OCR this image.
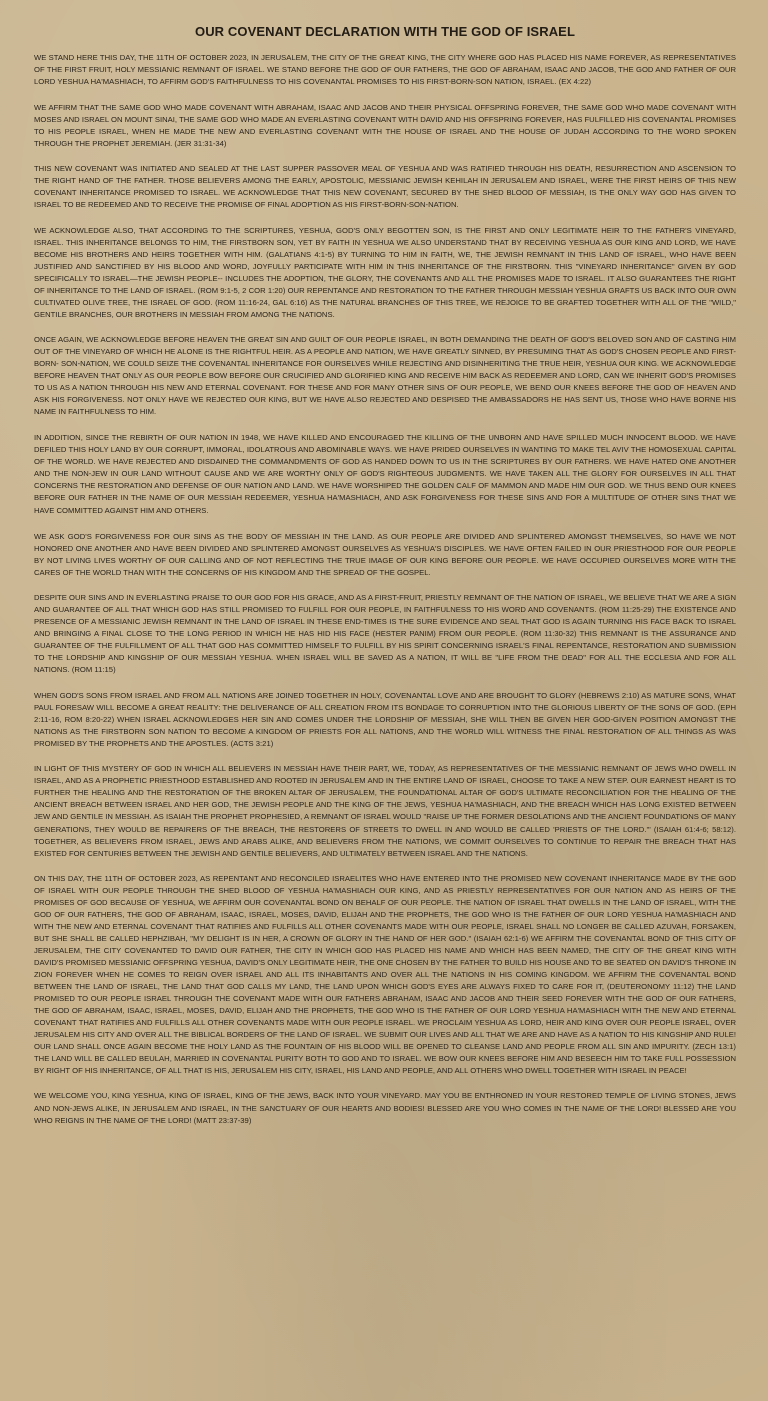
OUR COVENANT DECLARATION WITH THE GOD OF ISRAEL

WE STAND HERE THIS DAY, THE 11TH OF OCTOBER 2023, IN JERUSALEM, THE CITY OF THE GREAT KING, THE CITY WHERE GOD HAS PLACED HIS NAME FOREVER, AS REPRESENTATIVES OF THE FIRST FRUIT, HOLY MESSIANIC REMNANT OF ISRAEL. WE STAND BEFORE THE GOD OF OUR FATHERS, THE GOD OF ABRAHAM, ISAAC AND JACOB, THE GOD AND FATHER OF OUR LORD YESHUA HA'MASHIACH, TO AFFIRM GOD'S FAITHFULNESS TO HIS COVENANTAL PROMISES TO HIS FIRST-BORN-SON NATION, ISRAEL. (EX 4:22)

WE AFFIRM THAT THE SAME GOD WHO MADE COVENANT WITH ABRAHAM, ISAAC AND JACOB AND THEIR PHYSICAL OFFSPRING FOREVER, THE SAME GOD WHO MADE COVENANT WITH MOSES AND ISRAEL ON MOUNT SINAI, THE SAME GOD WHO MADE AN EVERLASTING COVENANT WITH DAVID AND HIS OFFSPRING FOREVER, HAS FULFILLED HIS COVENANTAL PROMISES TO HIS PEOPLE ISRAEL, WHEN HE MADE THE NEW AND EVERLASTING COVENANT WITH THE HOUSE OF ISRAEL AND THE HOUSE OF JUDAH ACCORDING TO THE WORD SPOKEN THROUGH THE PROPHET JEREMIAH. (JER 31:31-34)

THIS NEW COVENANT WAS INITIATED AND SEALED AT THE LAST SUPPER PASSOVER MEAL OF YESHUA AND WAS RATIFIED THROUGH HIS DEATH, RESURRECTION AND ASCENSION TO THE RIGHT HAND OF THE FATHER. THOSE BELIEVERS AMONG THE EARLY, APOSTOLIC, MESSIANIC JEWISH KEHILAH IN JERUSALEM AND ISRAEL, WERE THE FIRST HEIRS OF THIS NEW COVENANT INHERITANCE PROMISED TO ISRAEL. WE ACKNOWLEDGE THAT THIS NEW COVENANT, SECURED BY THE SHED BLOOD OF MESSIAH, IS THE ONLY WAY GOD HAS GIVEN TO ISRAEL TO BE REDEEMED AND TO RECEIVE THE PROMISE OF FINAL ADOPTION AS HIS FIRST-BORN-SON-NATION.

WE ACKNOWLEDGE ALSO, THAT ACCORDING TO THE SCRIPTURES, YESHUA, GOD'S ONLY BEGOTTEN SON, IS THE FIRST AND ONLY LEGITIMATE HEIR TO THE FATHER'S VINEYARD, ISRAEL. THIS INHERITANCE BELONGS TO HIM, THE FIRSTBORN SON, YET BY FAITH IN YESHUA WE ALSO UNDERSTAND THAT BY RECEIVING YESHUA AS OUR KING AND LORD, WE HAVE BECOME HIS BROTHERS AND HEIRS TOGETHER WITH HIM. (GALATIANS 4:1-5) BY TURNING TO HIM IN FAITH, WE, THE JEWISH REMNANT IN THIS LAND OF ISRAEL, WHO HAVE BEEN JUSTIFIED AND SANCTIFIED BY HIS BLOOD AND WORD, JOYFULLY PARTICIPATE WITH HIM IN THIS INHERITANCE OF THE FIRSTBORN. THIS "VINEYARD INHERITANCE" GIVEN BY GOD SPECIFICALLY TO ISRAEL—THE JEWISH PEOPLE-- INCLUDES THE ADOPTION, THE GLORY, THE COVENANTS AND ALL THE PROMISES MADE TO ISRAEL. IT ALSO GUARANTEES THE RIGHT OF INHERITANCE TO THE LAND OF ISRAEL. (ROM 9:1-5, 2 COR 1:20) OUR REPENTANCE AND RESTORATION TO THE FATHER THROUGH MESSIAH YESHUA GRAFTS US BACK INTO OUR OWN CULTIVATED OLIVE TREE, THE ISRAEL OF GOD. (ROM 11:16-24, GAL 6:16) AS THE NATURAL BRANCHES OF THIS TREE, WE REJOICE TO BE GRAFTED TOGETHER WITH ALL OF THE "WILD," GENTILE BRANCHES, OUR BROTHERS IN MESSIAH FROM AMONG THE NATIONS.

ONCE AGAIN, WE ACKNOWLEDGE BEFORE HEAVEN THE GREAT SIN AND GUILT OF OUR PEOPLE ISRAEL, IN BOTH DEMANDING THE DEATH OF GOD'S BELOVED SON AND OF CASTING HIM OUT OF THE VINEYARD OF WHICH HE ALONE IS THE RIGHTFUL HEIR. AS A PEOPLE AND NATION, WE HAVE GREATLY SINNED, BY PRESUMING THAT AS GOD'S CHOSEN PEOPLE AND FIRST-BORN- SON-NATION, WE COULD SEIZE THE COVENANTAL INHERITANCE FOR OURSELVES WHILE REJECTING AND DISINHERITING THE TRUE HEIR, YESHUA OUR KING. WE ACKNOWLEDGE BEFORE HEAVEN THAT ONLY AS OUR PEOPLE BOW BEFORE OUR CRUCIFIED AND GLORIFIED KING AND RECEIVE HIM BACK AS REDEEMER AND LORD, CAN WE INHERIT GOD'S PROMISES TO US AS A NATION THROUGH HIS NEW AND ETERNAL COVENANT. FOR THESE AND FOR MANY OTHER SINS OF OUR PEOPLE, WE BEND OUR KNEES BEFORE THE GOD OF HEAVEN AND ASK HIS FORGIVENESS. NOT ONLY HAVE WE REJECTED OUR KING, BUT WE HAVE ALSO REJECTED AND DESPISED THE AMBASSADORS HE HAS SENT US, THOSE WHO HAVE BORNE HIS NAME IN FAITHFULNESS TO HIM.

IN ADDITION, SINCE THE REBIRTH OF OUR NATION IN 1948, WE HAVE KILLED AND ENCOURAGED THE KILLING OF THE UNBORN AND HAVE SPILLED MUCH INNOCENT BLOOD. WE HAVE DEFILED THIS HOLY LAND BY OUR CORRUPT, IMMORAL, IDOLATROUS AND ABOMINABLE WAYS. WE HAVE PRIDED OURSELVES IN WANTING TO MAKE TEL AVIV THE HOMOSEXUAL CAPITAL OF THE WORLD. WE HAVE REJECTED AND DISDAINED THE COMMANDMENTS OF GOD AS HANDED DOWN TO US IN THE SCRIPTURES BY OUR FATHERS. WE HAVE HATED ONE ANOTHER AND THE NON-JEW IN OUR LAND WITHOUT CAUSE AND WE ARE WORTHY ONLY OF GOD'S RIGHTEOUS JUDGMENTS. WE HAVE TAKEN ALL THE GLORY FOR OURSELVES IN ALL THAT CONCERNS THE RESTORATION AND DEFENSE OF OUR NATION AND LAND. WE HAVE WORSHIPED THE GOLDEN CALF OF MAMMON AND MADE HIM OUR GOD. WE THUS BEND OUR KNEES BEFORE OUR FATHER IN THE NAME OF OUR MESSIAH REDEEMER, YESHUA HA'MASHIACH, AND ASK FORGIVENESS FOR THESE SINS AND FOR A MULTITUDE OF OTHER SINS THAT WE HAVE COMMITTED AGAINST HIM AND OTHERS.

WE ASK GOD'S FORGIVENESS FOR OUR SINS AS THE BODY OF MESSIAH IN THE LAND. AS OUR PEOPLE ARE DIVIDED AND SPLINTERED AMONGST THEMSELVES, SO HAVE WE NOT HONORED ONE ANOTHER AND HAVE BEEN DIVIDED AND SPLINTERED AMONGST OURSELVES AS YESHUA'S DISCIPLES. WE HAVE OFTEN FAILED IN OUR PRIESTHOOD FOR OUR PEOPLE BY NOT LIVING LIVES WORTHY OF OUR CALLING AND OF NOT REFLECTING THE TRUE IMAGE OF OUR KING BEFORE OUR PEOPLE. WE HAVE OCCUPIED OURSELVES MORE WITH THE CARES OF THE WORLD THAN WITH THE CONCERNS OF HIS KINGDOM AND THE SPREAD OF THE GOSPEL.

DESPITE OUR SINS AND IN EVERLASTING PRAISE TO OUR GOD FOR HIS GRACE, AND AS A FIRST-FRUIT, PRIESTLY REMNANT OF THE NATION OF ISRAEL, WE BELIEVE THAT WE ARE A SIGN AND GUARANTEE OF ALL THAT WHICH GOD HAS STILL PROMISED TO FULFILL FOR OUR PEOPLE, IN FAITHFULNESS TO HIS WORD AND COVENANTS. (ROM 11:25-29) THE EXISTENCE AND PRESENCE OF A MESSIANIC JEWISH REMNANT IN THE LAND OF ISRAEL IN THESE END-TIMES IS THE SURE EVIDENCE AND SEAL THAT GOD IS AGAIN TURNING HIS FACE BACK TO ISRAEL AND BRINGING A FINAL CLOSE TO THE LONG PERIOD IN WHICH HE HAS HID HIS FACE (HESTER PANIM) FROM OUR PEOPLE. (ROM 11:30-32) THIS REMNANT IS THE ASSURANCE AND GUARANTEE OF THE FULFILLMENT OF ALL THAT GOD HAS COMMITTED HIMSELF TO FULFILL BY HIS SPIRIT CONCERNING ISRAEL'S FINAL REPENTANCE, RESTORATION AND SUBMISSION TO THE LORDSHIP AND KINGSHIP OF OUR MESSIAH YESHUA. WHEN ISRAEL WILL BE SAVED AS A NATION, IT WILL BE "LIFE FROM THE DEAD" FOR ALL THE ECCLESIA AND FOR ALL NATIONS. (ROM 11:15)

WHEN GOD'S SONS FROM ISRAEL AND FROM ALL NATIONS ARE JOINED TOGETHER IN HOLY, COVENANTAL LOVE AND ARE BROUGHT TO GLORY (HEBREWS 2:10) AS MATURE SONS, WHAT PAUL FORESAW WILL BECOME A GREAT REALITY: THE DELIVERANCE OF ALL CREATION FROM ITS BONDAGE TO CORRUPTION INTO THE GLORIOUS LIBERTY OF THE SONS OF GOD. (EPH 2:11-16, ROM 8:20-22) WHEN ISRAEL ACKNOWLEDGES HER SIN AND COMES UNDER THE LORDSHIP OF MESSIAH, SHE WILL THEN BE GIVEN HER GOD-GIVEN POSITION AMONGST THE NATIONS AS THE FIRSTBORN SON NATION TO BECOME A KINGDOM OF PRIESTS FOR ALL NATIONS, AND THE WORLD WILL WITNESS THE FINAL RESTORATION OF ALL THINGS AS WAS PROMISED BY THE PROPHETS AND THE APOSTLES. (ACTS 3:21)

IN LIGHT OF THIS MYSTERY OF GOD IN WHICH ALL BELIEVERS IN MESSIAH HAVE THEIR PART, WE, TODAY, AS REPRESENTATIVES OF THE MESSIANIC REMNANT OF JEWS WHO DWELL IN ISRAEL, AND AS A PROPHETIC PRIESTHOOD ESTABLISHED AND ROOTED IN JERUSALEM AND IN THE ENTIRE LAND OF ISRAEL, CHOOSE TO TAKE A NEW STEP. OUR EARNEST HEART IS TO FURTHER THE HEALING AND THE RESTORATION OF THE BROKEN ALTAR OF JERUSALEM, THE FOUNDATIONAL ALTAR OF GOD'S ULTIMATE RECONCILIATION FOR THE HEALING OF THE ANCIENT BREACH BETWEEN ISRAEL AND HER GOD, THE JEWISH PEOPLE AND THE KING OF THE JEWS, YESHUA HA'MASHIACH, AND THE BREACH WHICH HAS LONG EXISTED BETWEEN JEW AND GENTILE IN MESSIAH. AS ISAIAH THE PROPHET PROPHESIED, A REMNANT OF ISRAEL WOULD "RAISE UP THE FORMER DESOLATIONS AND THE ANCIENT FOUNDATIONS OF MANY GENERATIONS, THEY WOULD BE REPAIRERS OF THE BREACH, THE RESTORERS OF STREETS TO DWELL IN AND WOULD BE CALLED 'PRIESTS OF THE LORD.'" (ISAIAH 61:4-6; 58:12). TOGETHER, AS BELIEVERS FROM ISRAEL, JEWS AND ARABS ALIKE, AND BELIEVERS FROM THE NATIONS, WE COMMIT OURSELVES TO CONTINUE TO REPAIR THE BREACH THAT HAS EXISTED FOR CENTURIES BETWEEN THE JEWISH AND GENTILE BELIEVERS, AND ULTIMATELY BETWEEN ISRAEL AND THE NATIONS.

ON THIS DAY, THE 11TH OF OCTOBER 2023, AS REPENTANT AND RECONCILED ISRAELITES WHO HAVE ENTERED INTO THE PROMISED NEW COVENANT INHERITANCE MADE BY THE GOD OF ISRAEL WITH OUR PEOPLE THROUGH THE SHED BLOOD OF YESHUA HA'MASHIACH OUR KING, AND AS PRIESTLY REPRESENTATIVES FOR OUR NATION AND AS HEIRS OF THE PROMISES OF GOD BECAUSE OF YESHUA, WE AFFIRM OUR COVENANTAL BOND ON BEHALF OF OUR PEOPLE. THE NATION OF ISRAEL THAT DWELLS IN THE LAND OF ISRAEL, WITH THE GOD OF OUR FATHERS, THE GOD OF ABRAHAM, ISAAC, ISRAEL, MOSES, DAVID, ELIJAH AND THE PROPHETS, THE GOD WHO IS THE FATHER OF OUR LORD YESHUA HA'MASHIACH AND WITH THE NEW AND ETERNAL COVENANT THAT RATIFIES AND FULFILLS ALL OTHER COVENANTS MADE WITH OUR PEOPLE, ISRAEL SHALL NO LONGER BE CALLED AZUVAH, FORSAKEN, BUT SHE SHALL BE CALLED HEPHZIBAH, "MY DELIGHT IS IN HER, A CROWN OF GLORY IN THE HAND OF HER GOD." (ISAIAH 62:1-6) WE AFFIRM THE COVENANTAL BOND OF THIS CITY OF JERUSALEM, THE CITY COVENANTED TO DAVID OUR FATHER, THE CITY IN WHICH GOD HAS PLACED HIS NAME AND WHICH HAS BEEN NAMED, THE CITY OF THE GREAT KING WITH DAVID'S PROMISED MESSIANIC OFFSPRING YESHUA, DAVID'S ONLY LEGITIMATE HEIR, THE ONE CHOSEN BY THE FATHER TO BUILD HIS HOUSE AND TO BE SEATED ON DAVID'S THRONE IN ZION FOREVER WHEN HE COMES TO REIGN OVER ISRAEL AND ALL ITS INHABITANTS AND OVER ALL THE NATIONS IN HIS COMING KINGDOM. WE AFFIRM THE COVENANTAL BOND BETWEEN THE LAND OF ISRAEL, THE LAND THAT GOD CALLS MY LAND, THE LAND UPON WHICH GOD'S EYES ARE ALWAYS FIXED TO CARE FOR IT, (DEUTERONOMY 11:12) THE LAND PROMISED TO OUR PEOPLE ISRAEL THROUGH THE COVENANT MADE WITH OUR FATHERS ABRAHAM, ISAAC AND JACOB AND THEIR SEED FOREVER WITH THE GOD OF OUR FATHERS, THE GOD OF ABRAHAM, ISAAC, ISRAEL, MOSES, DAVID, ELIJAH AND THE PROPHETS, THE GOD WHO IS THE FATHER OF OUR LORD YESHUA HA'MASHIACH WITH THE NEW AND ETERNAL COVENANT THAT RATIFIES AND FULFILLS ALL OTHER COVENANTS MADE WITH OUR PEOPLE ISRAEL. WE PROCLAIM YESHUA AS LORD, HEIR AND KING OVER OUR PEOPLE ISRAEL, OVER JERUSALEM HIS CITY AND OVER ALL THE BIBLICAL BORDERS OF THE LAND OF ISRAEL. WE SUBMIT OUR LIVES AND ALL THAT WE ARE AND HAVE AS A NATION TO HIS KINGSHIP AND RULE! OUR LAND SHALL ONCE AGAIN BECOME THE HOLY LAND AS THE FOUNTAIN OF HIS BLOOD WILL BE OPENED TO CLEANSE LAND AND PEOPLE FROM ALL SIN AND IMPURITY. (ZECH 13:1) THE LAND WILL BE CALLED BEULAH, MARRIED IN COVENANTAL PURITY BOTH TO GOD AND TO ISRAEL. WE BOW OUR KNEES BEFORE HIM AND BESEECH HIM TO TAKE FULL POSSESSION BY RIGHT OF HIS INHERITANCE, OF ALL THAT IS HIS, JERUSALEM HIS CITY, ISRAEL, HIS LAND AND PEOPLE, AND ALL OTHERS WHO DWELL TOGETHER WITH ISRAEL IN PEACE!

WE WELCOME YOU, KING YESHUA, KING OF ISRAEL, KING OF THE JEWS, BACK INTO YOUR VINEYARD. MAY YOU BE ENTHRONED IN YOUR RESTORED TEMPLE OF LIVING STONES, JEWS AND NON-JEWS ALIKE, IN JERUSALEM AND ISRAEL, IN THE SANCTUARY OF OUR HEARTS AND BODIES! BLESSED ARE YOU WHO COMES IN THE NAME OF THE LORD! BLESSED ARE YOU WHO REIGNS IN THE NAME OF THE LORD! (MATT 23:37-39)
